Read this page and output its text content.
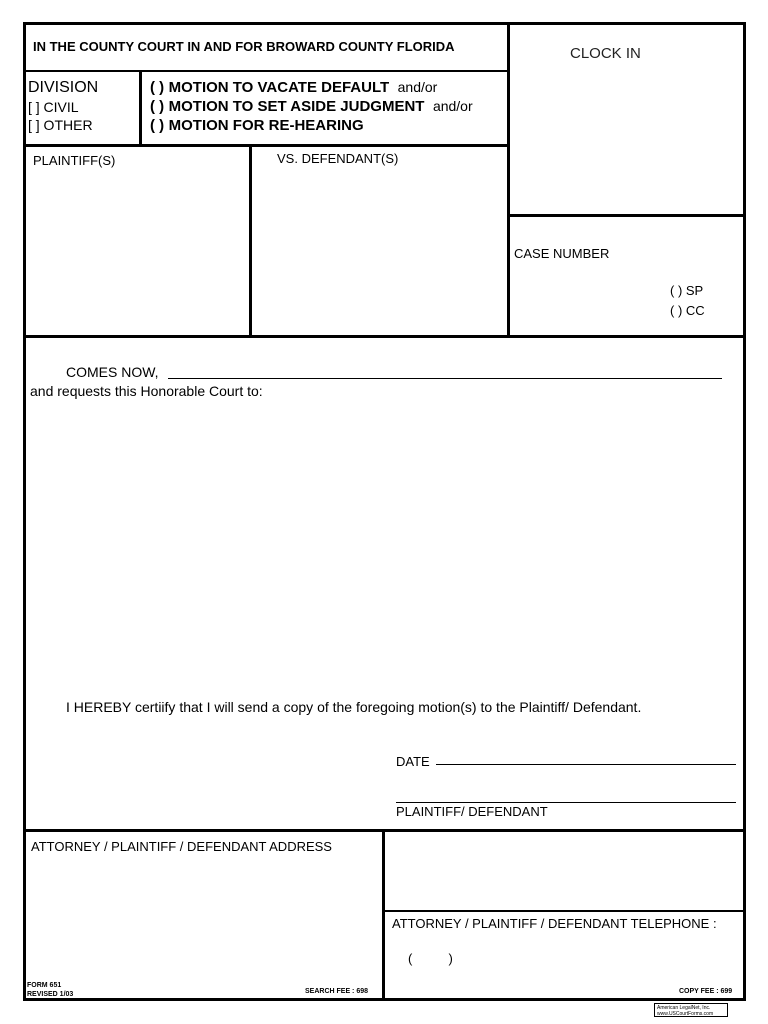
IN THE COUNTY COURT IN AND FOR BROWARD COUNTY FLORIDA	CLOCK IN
DIVISION
[ ] CIVIL
[ ] OTHER
( ) MOTION TO VACATE DEFAULT and/or
( ) MOTION TO SET ASIDE JUDGMENT and/or
( ) MOTION FOR RE-HEARING
PLAINTIFF(S)	VS. DEFENDANT(S)
CASE NUMBER
( ) SP
( ) CC
COMES NOW,
and requests this Honorable Court to:
I HEREBY certiify that I will send a copy of the foregoing motion(s) to the Plaintiff/ Defendant.
DATE
PLAINTIFF/ DEFENDANT
ATTORNEY / PLAINTIFF / DEFENDANT ADDRESS
ATTORNEY / PLAINTIFF / DEFENDANT TELEPHONE :
(          )
FORM 651
REVISED 1/03	SEARCH FEE : 698	COPY FEE : 699
American LegalNet, Inc.
www.USCourtForms.com
